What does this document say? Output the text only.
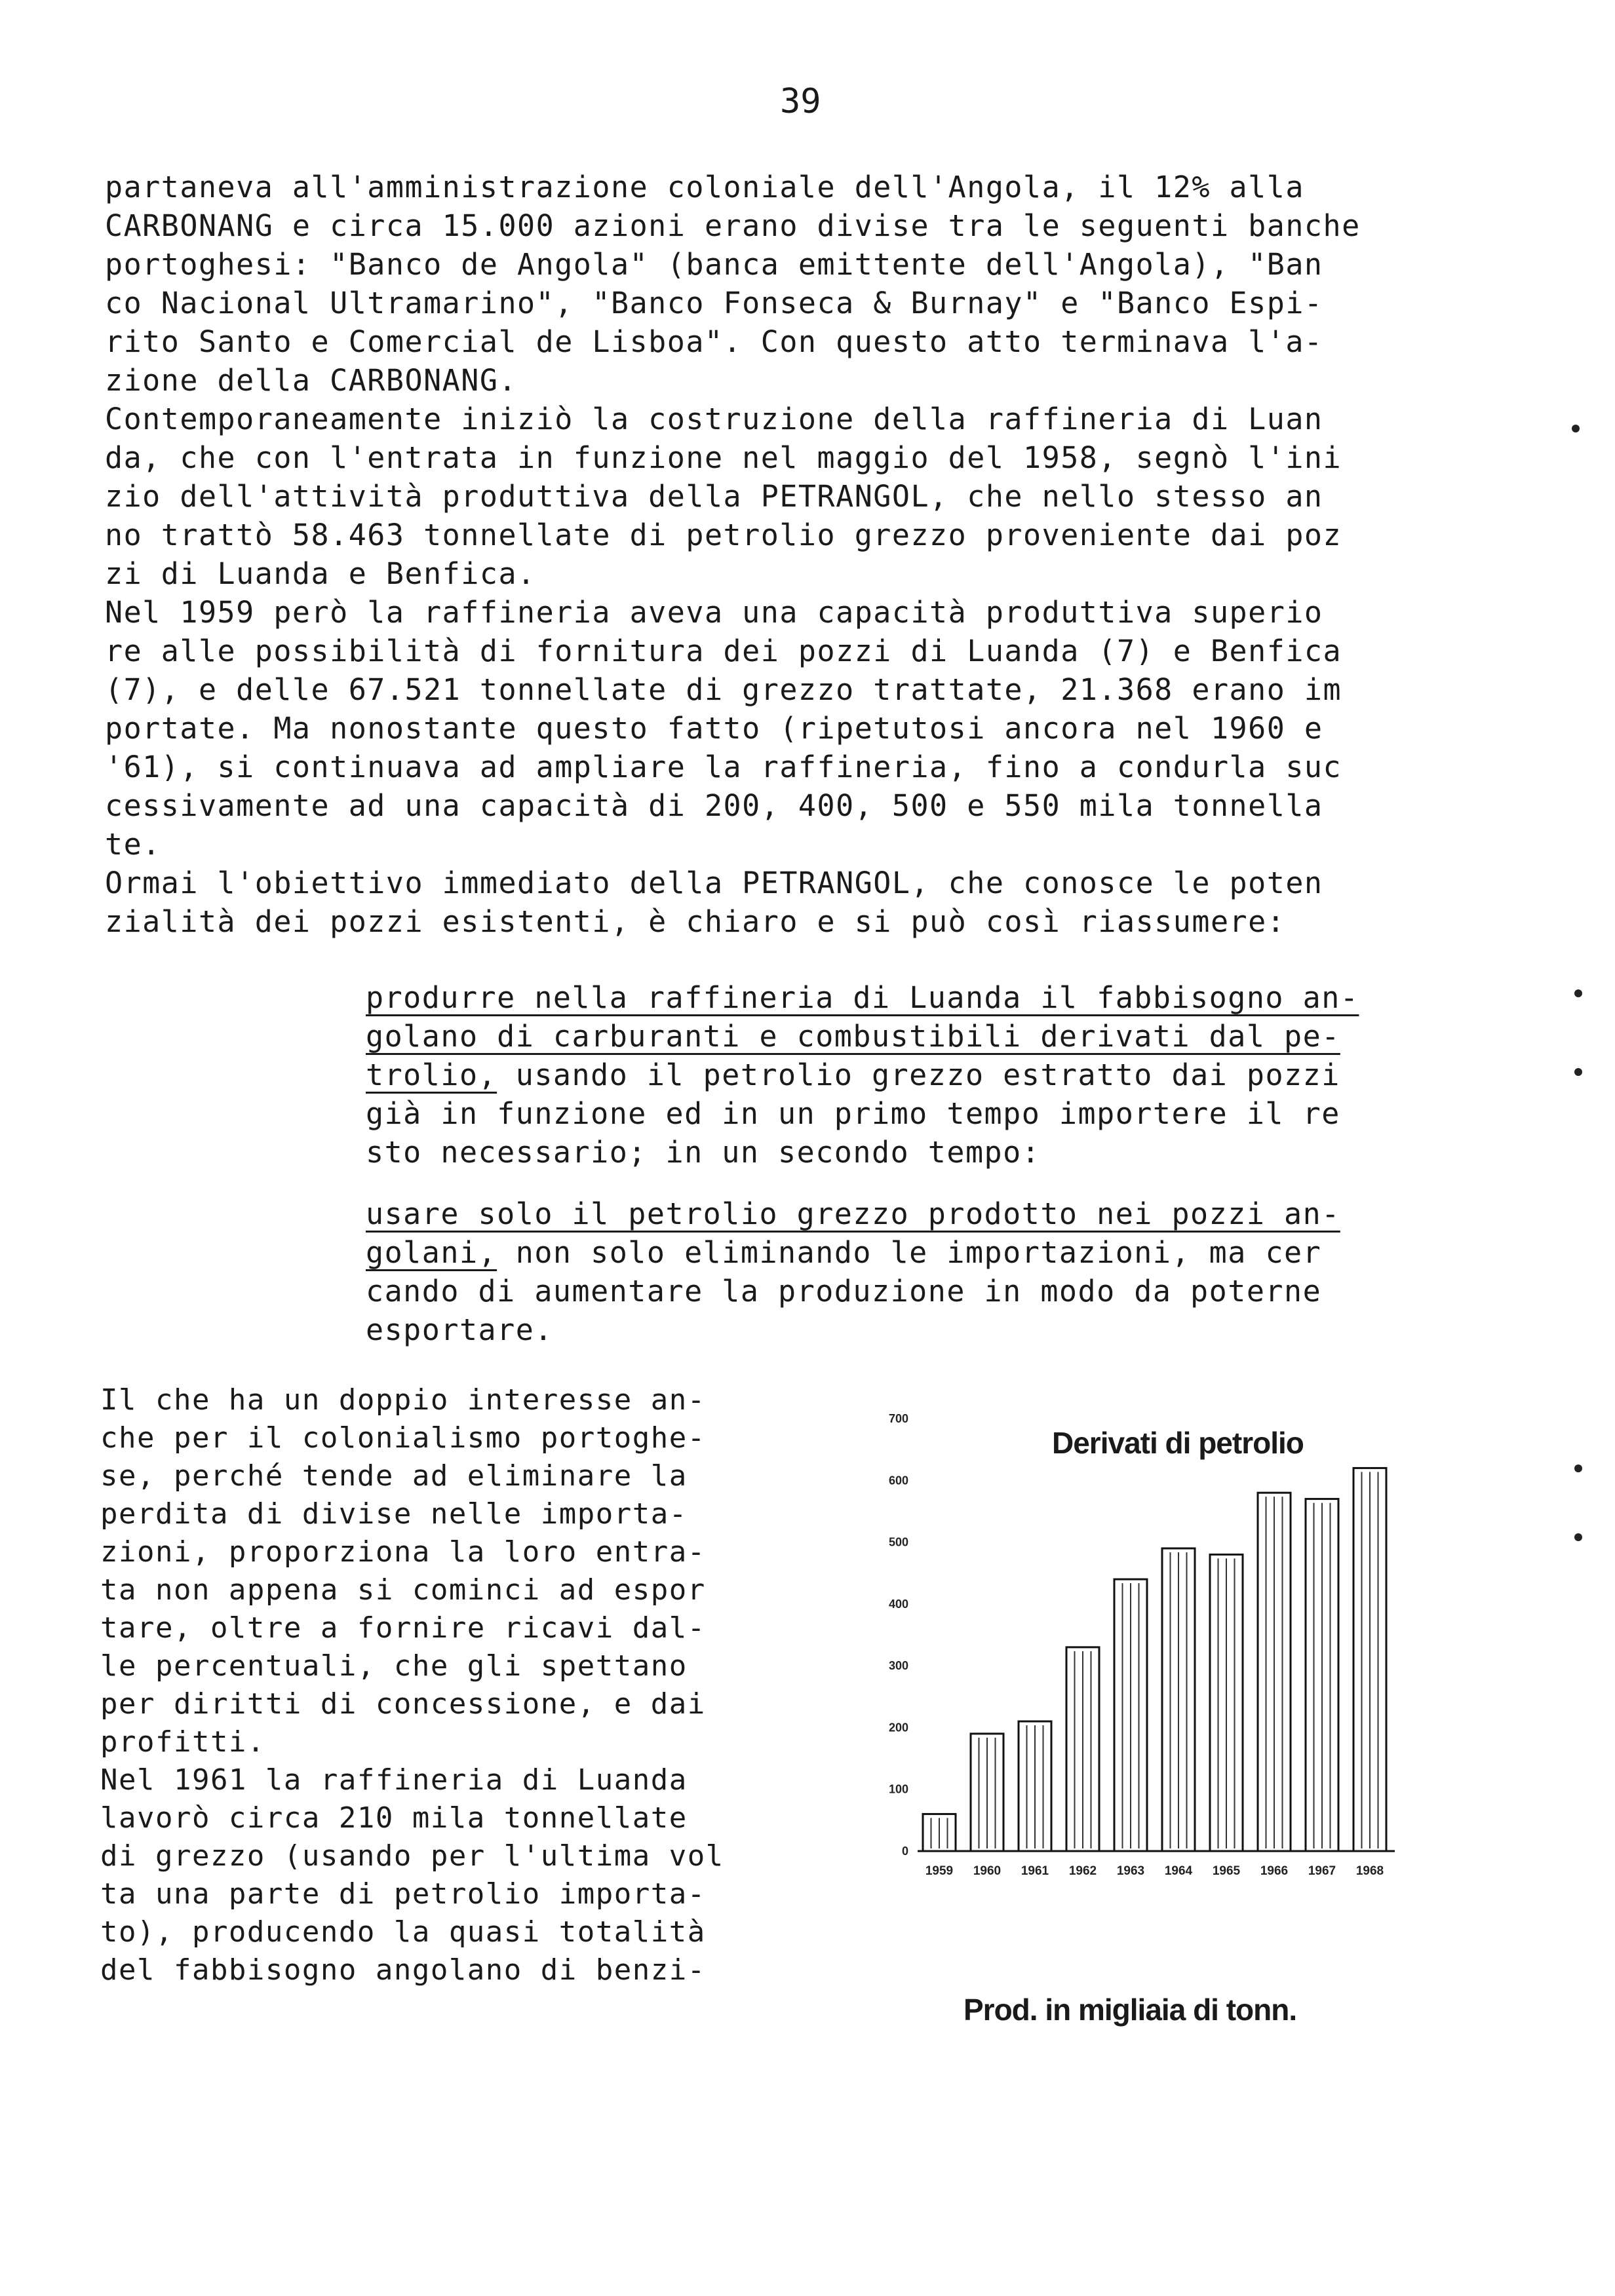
39
partaneva all'amministrazione coloniale dell'Angola, il 12% alla
CARBONANG e circa 15.000 azioni erano divise tra le seguenti banche
portoghesi: "Banco de Angola" (banca emittente dell'Angola), "Ban
co Nacional Ultramarino", "Banco Fonseca & Burnay" e "Banco Espi-
rito Santo e Comercial de Lisboa". Con questo atto terminava l'a-
zione della CARBONANG.
Contemporaneamente iniziò la costruzione della raffineria di Luan
da, che con l'entrata in funzione nel maggio del 1958, segnò l'ini
zio dell'attività produttiva della PETRANGOL, che nello stesso an
no trattò 58.463 tonnellate di petrolio grezzo proveniente dai poz
zi di Luanda e Benfica.
Nel 1959 però la raffineria aveva una capacità produttiva superio
re alle possibilità di fornitura dei pozzi di Luanda (7) e Benfica
(7), e delle 67.521 tonnellate di grezzo trattate, 21.368 erano im
portate. Ma nonostante questo fatto (ripetutosi ancora nel 1960 e
'61), si continuava ad ampliare la raffineria, fino a condurla suc
cessivamente ad una capacità di 200, 400, 500 e 550 mila tonnella
te.
Ormai l'obiettivo immediato della PETRANGOL, che conosce le poten
zialità dei pozzi esistenti, è chiaro e si può così riassumere:
produrre nella raffineria di Luanda il fabbisogno an-
golano di carburanti e combustibili derivati dal pe-
trolio, usando il petrolio grezzo estratto dai pozzi
già in funzione ed in un primo tempo importere il re
sto necessario; in un secondo tempo:
usare solo il petrolio grezzo prodotto nei pozzi an-
golani, non solo eliminando le importazioni, ma cer
cando di aumentare la produzione in modo da poterne
esportare.
Il che ha un doppio interesse an-
che per il colonialismo portoghe-
se, perché tende ad eliminare la
perdita di divise nelle importa-
zioni, proporziona la loro entra-
ta non appena si cominci ad espor
tare, oltre a fornire ricavi dal-
le percentuali, che gli spettano
per diritti di concessione, e dai
profitti.
Nel 1961 la raffineria di Luanda
lavorò circa 210 mila tonnellate
di grezzo (usando per l'ultima vol
ta una parte di petrolio importa-
to), producendo la quasi totalità
del fabbisogno angolano di benzi-
Derivati di petrolio
0
100
200
300
400
500
600
700
1959 1960 1961 1962 1963 1964 1965 1966 1967 1968
Prod. in migliaia di tonn.
